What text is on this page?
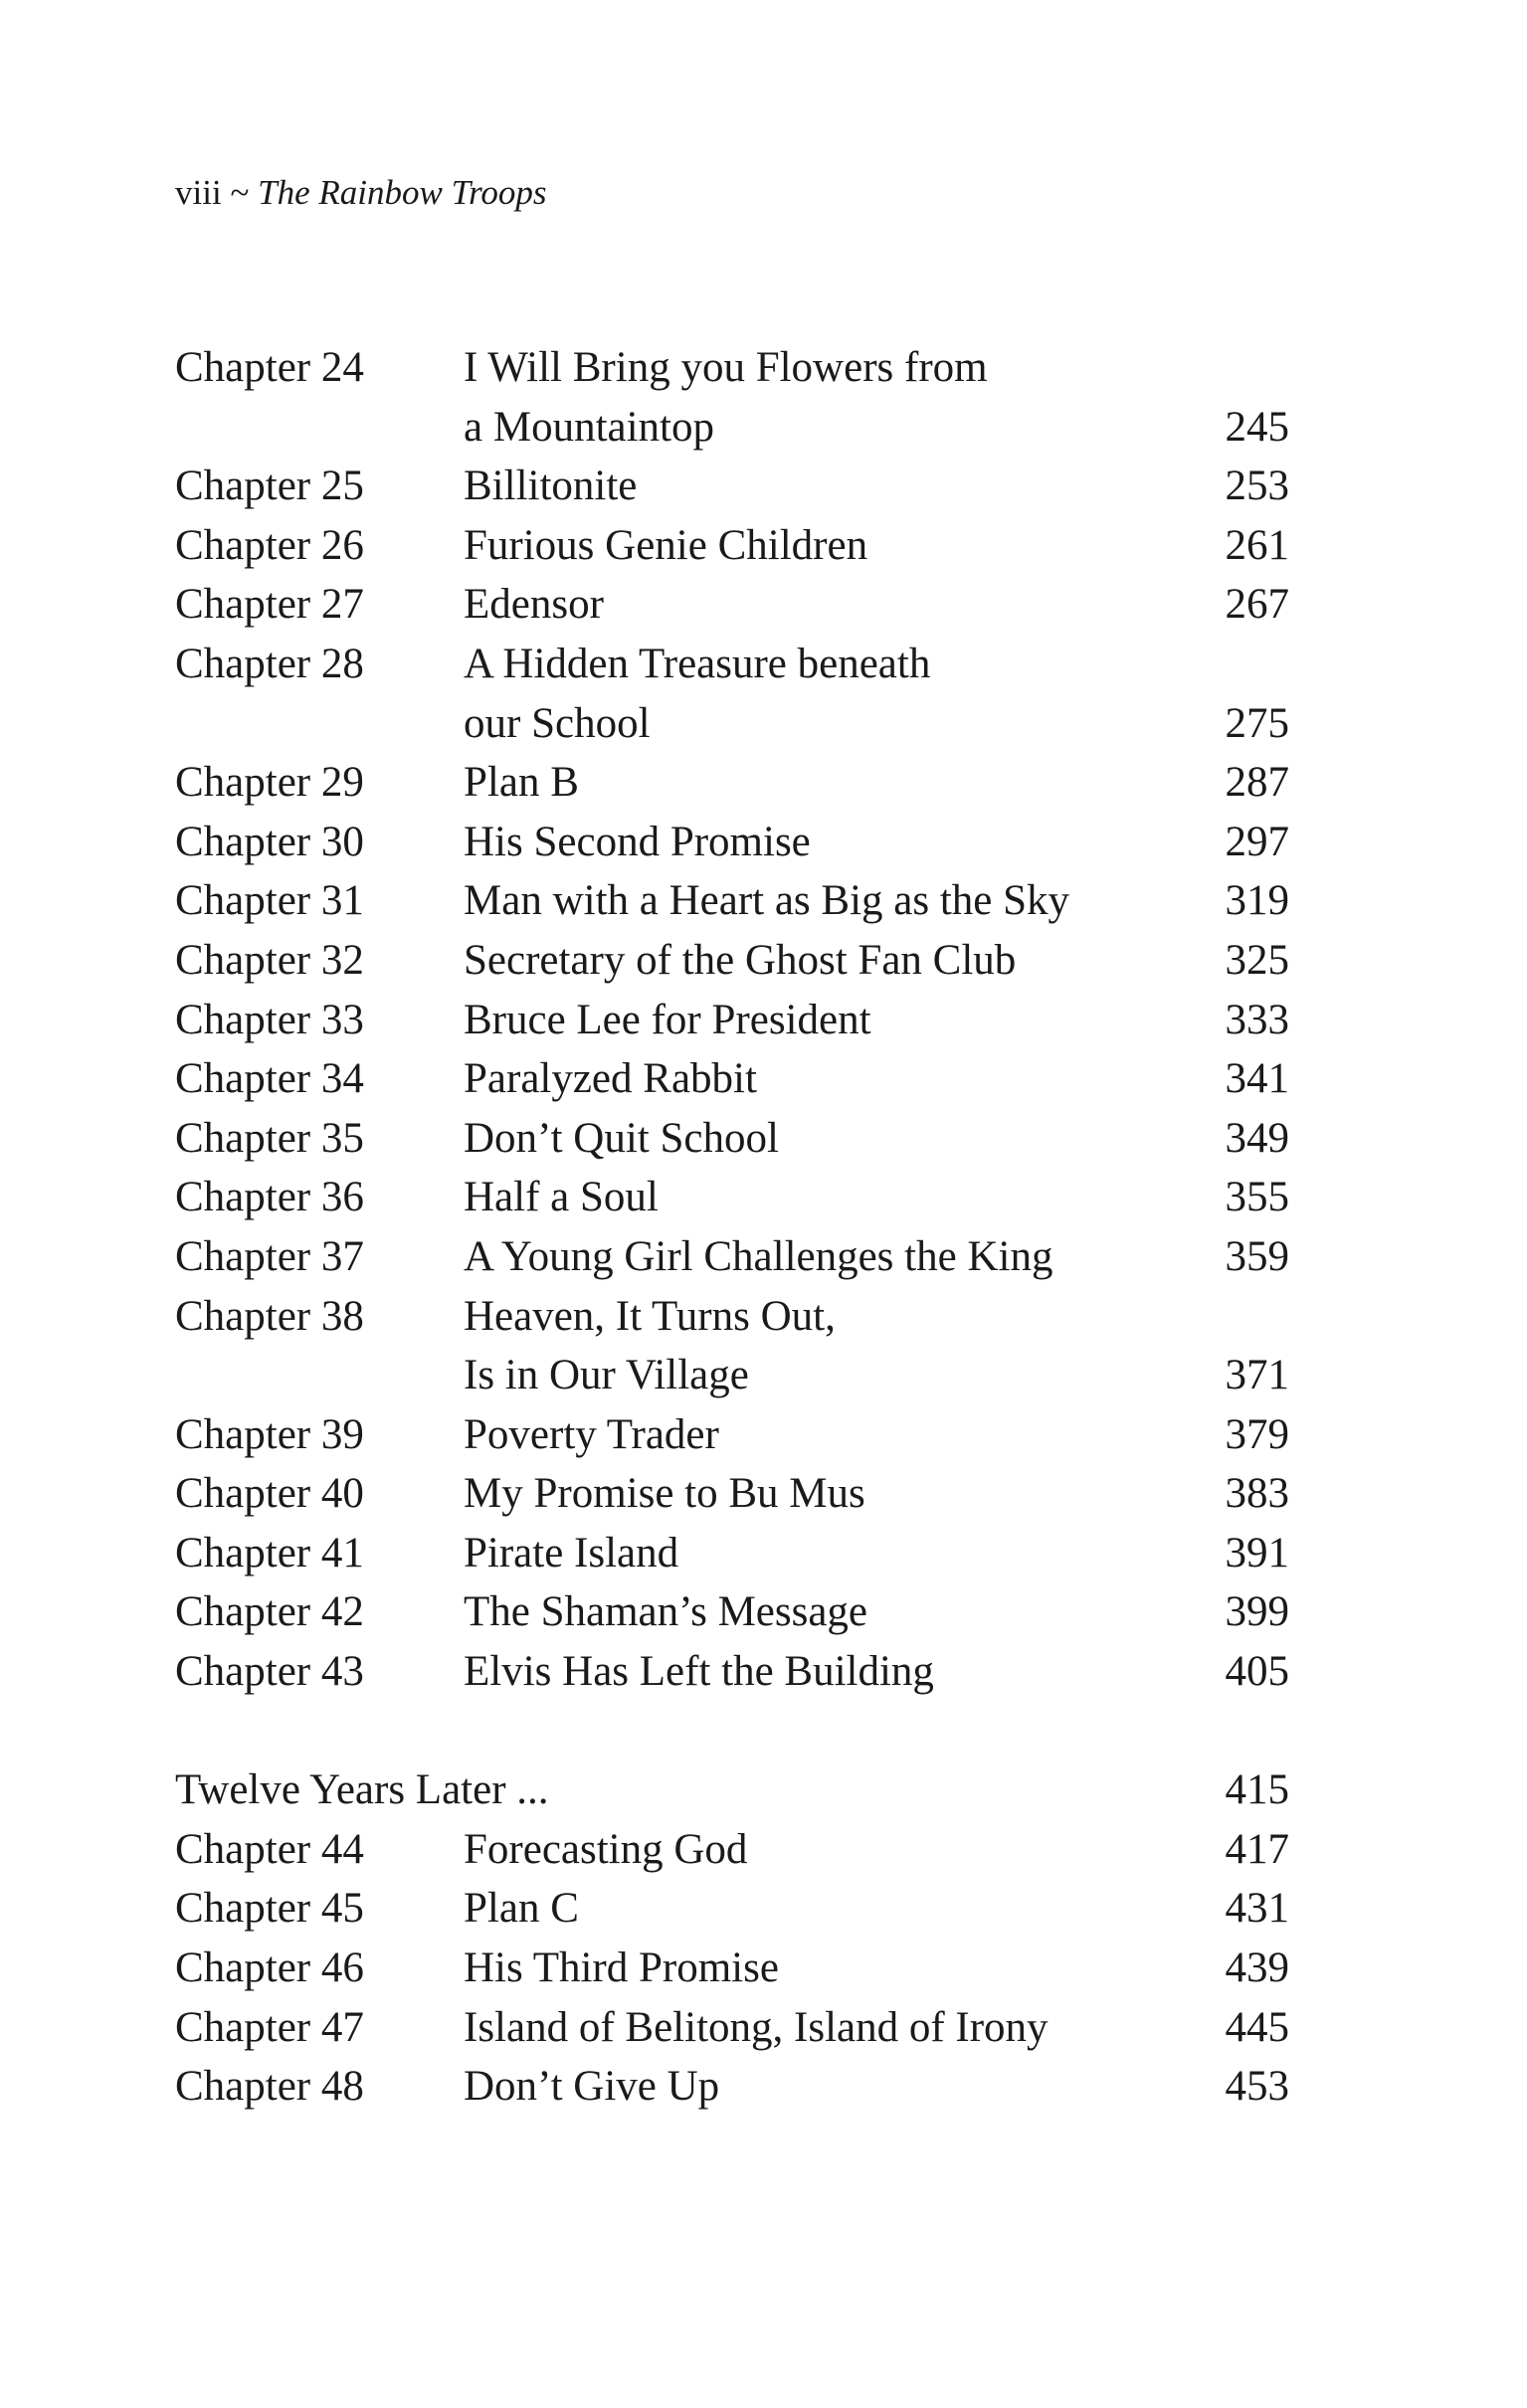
viii ~ The Rainbow Troops
Chapter 24 I Will Bring you Flowers from
a Mountaintop	245
Chapter 25 Billitonite	253
Chapter 26 Furious Genie Children	261
Chapter 27 Edensor	267
Chapter 28 A Hidden Treasure beneath
our School	275
Chapter 29 Plan B	287
Chapter 30 His Second Promise	297
Chapter 31 Man with a Heart as Big as the Sky	319
Chapter 32 Secretary of the Ghost Fan Club	325
Chapter 33 Bruce Lee for President	333
Chapter 34 Paralyzed Rabbit	341
Chapter 35 Don’t Quit School	349
Chapter 36 Half a Soul	355
Chapter 37 A Young Girl Challenges the King	359
Chapter 38 Heaven, It Turns Out,
Is in Our Village	371
Chapter 39 Poverty Trader	379
Chapter 40 My Promise to Bu Mus	383
Chapter 41 Pirate Island	391
Chapter 42 The Shaman’s Message	399
Chapter 43 Elvis Has Left the Building	405
Twelve Years Later ...	415
Chapter 44 Forecasting God	417
Chapter 45 Plan C	431
Chapter 46 His Third Promise	439
Chapter 47 Island of Belitong, Island of Irony	445
Chapter 48 Don’t Give Up	453
